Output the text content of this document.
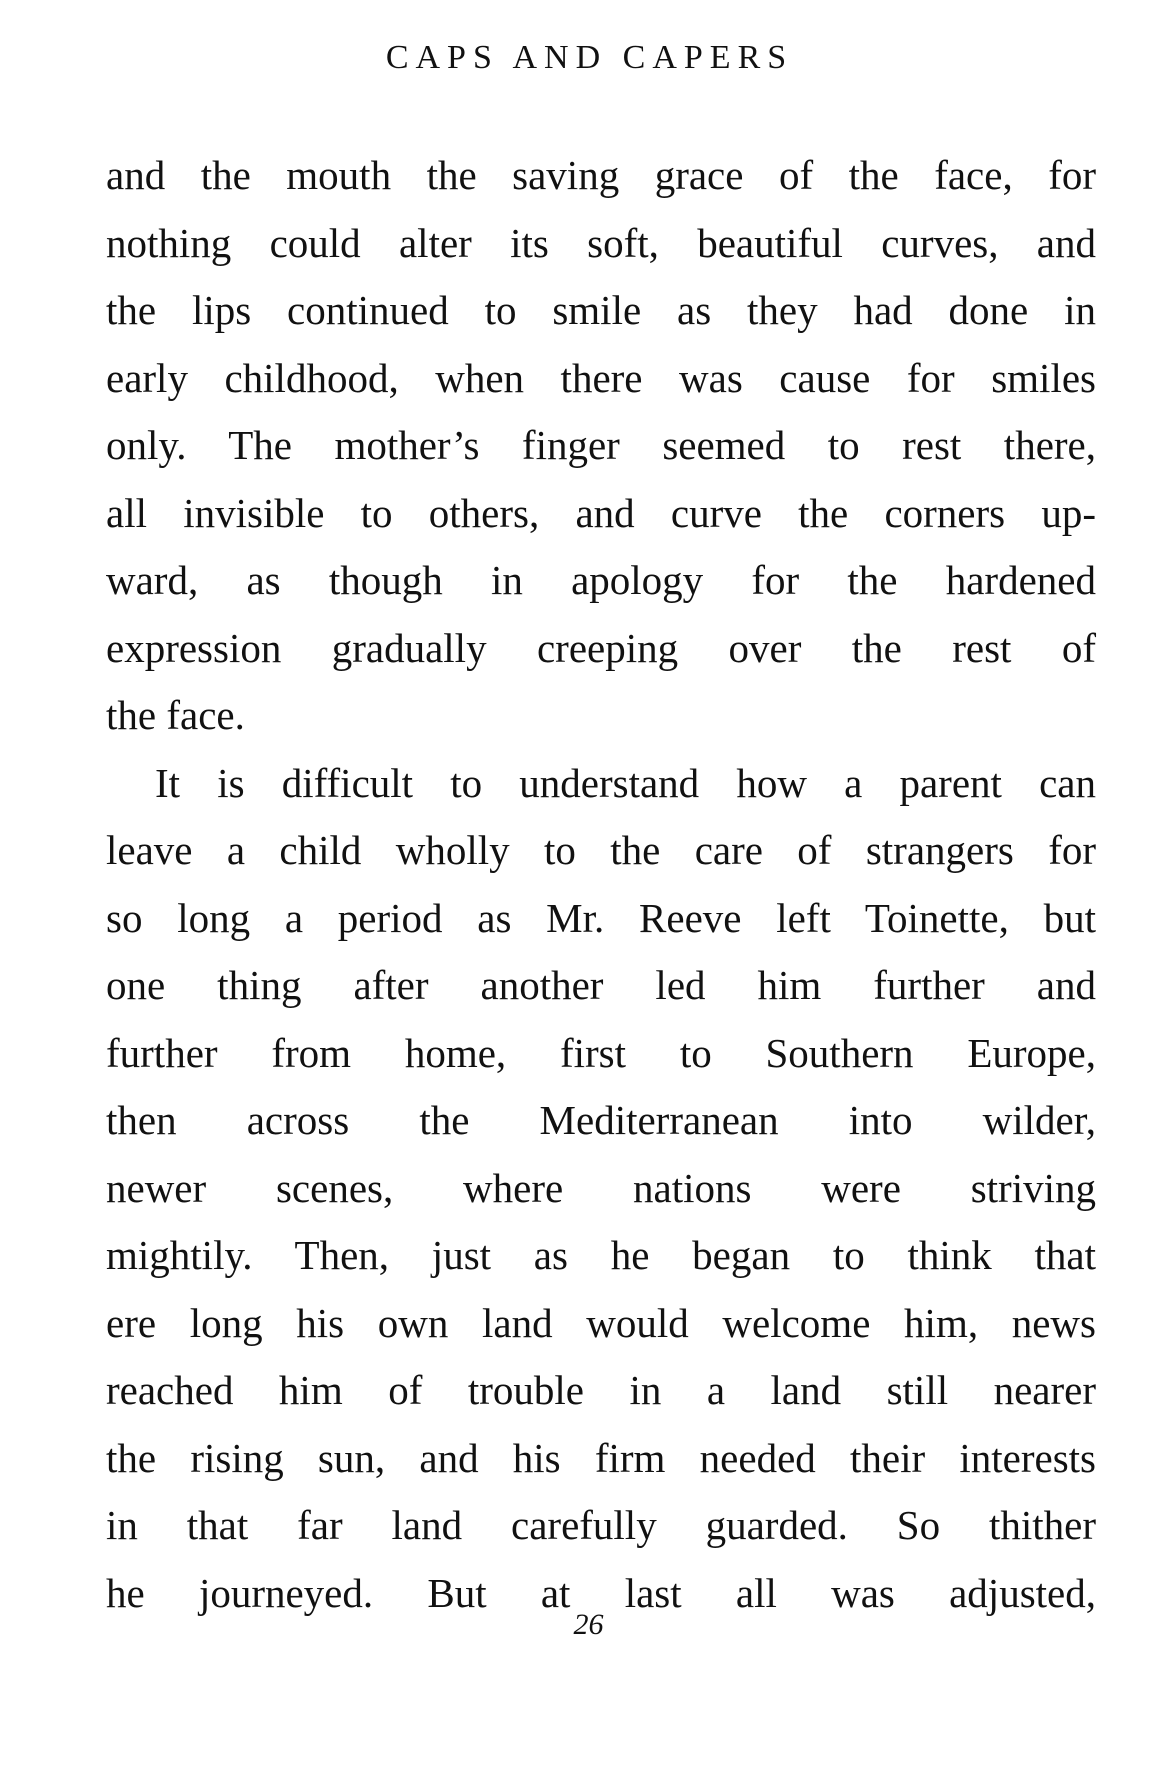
CAPS AND CAPERS
and the mouth the saving grace of the face, for
nothing could alter its soft, beautiful curves, and
the lips continued to smile as they had done in
early childhood, when there was cause for smiles
only. The mother’s finger seemed to rest there,
all invisible to others, and curve the corners up-
ward, as though in apology for the hardened
expression gradually creeping over the rest of
the face.
It is difficult to understand how a parent can
leave a child wholly to the care of strangers for
so long a period as Mr. Reeve left Toinette, but
one thing after another led him further and
further from home, first to Southern Europe,
then across the Mediterranean into wilder,
newer scenes, where nations were striving
mightily. Then, just as he began to think that
ere long his own land would welcome him, news
reached him of trouble in a land still nearer
the rising sun, and his firm needed their interests
in that far land carefully guarded. So thither
he journeyed. But at last all was adjusted,
26
